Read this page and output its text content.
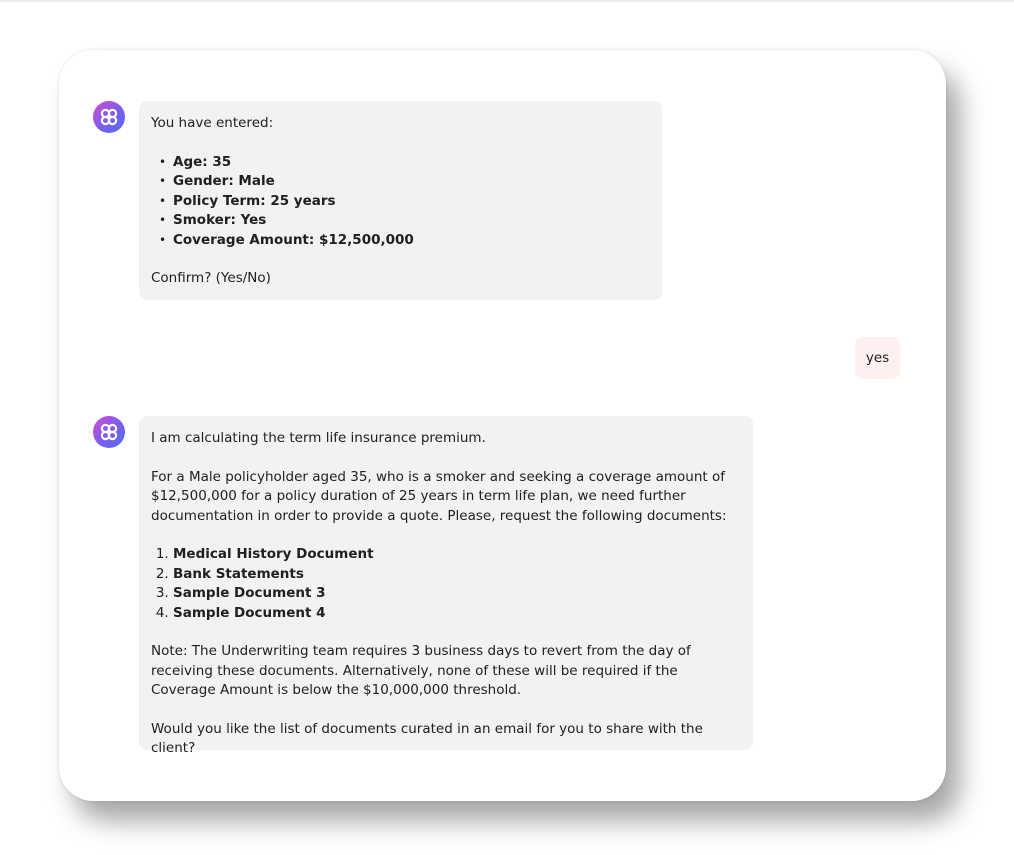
You have entered:

• Age: 35
• Gender: Male
• Policy Term: 25 years
• Smoker: Yes
• Coverage Amount: $12,500,000

Confirm? (Yes/No)

yes

I am calculating the term life insurance premium.

For a Male policyholder aged 35, who is a smoker and seeking a coverage amount of $12,500,000 for a policy duration of 25 years in term life plan, we need further documentation in order to provide a quote. Please, request the following documents:

1. Medical History Document
2. Bank Statements
3. Sample Document 3
4. Sample Document 4

Note: The Underwriting team requires 3 business days to revert from the day of receiving these documents. Alternatively, none of these will be required if the Coverage Amount is below the $10,000,000 threshold.

Would you like the list of documents curated in an email for you to share with the client?
